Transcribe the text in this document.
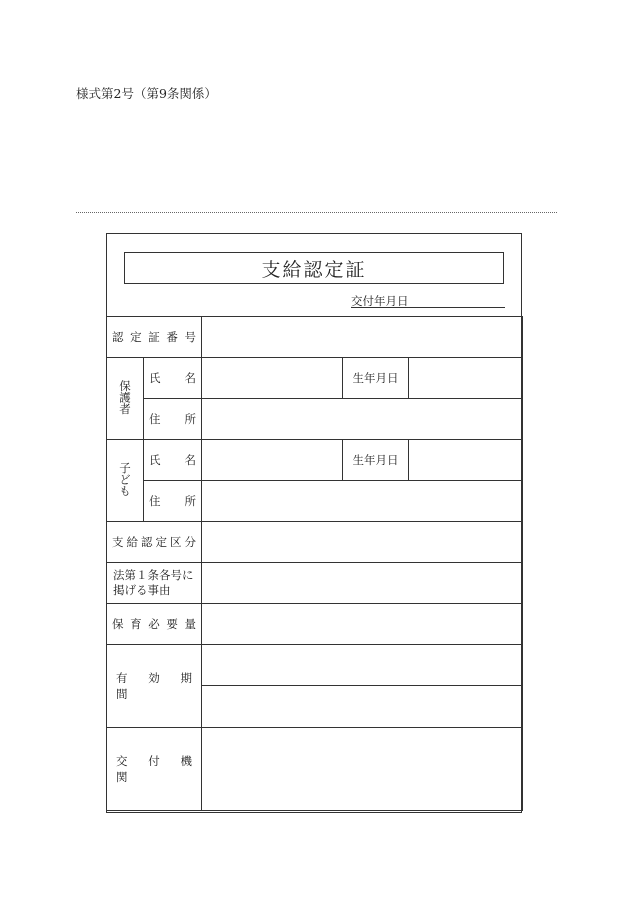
様式第2号（第9条関係）
支給認定証
交付年月日
認 定 証 番 号				
保護者	氏　　名		生年月日	
	住　　所			
子ども	氏　　名		生年月日	
	住　　所			
支給認定区分				

法第１条各号に
掲げる事由				

保 育 必 要 量				
有　効　期　間				

交　付　機　関				
